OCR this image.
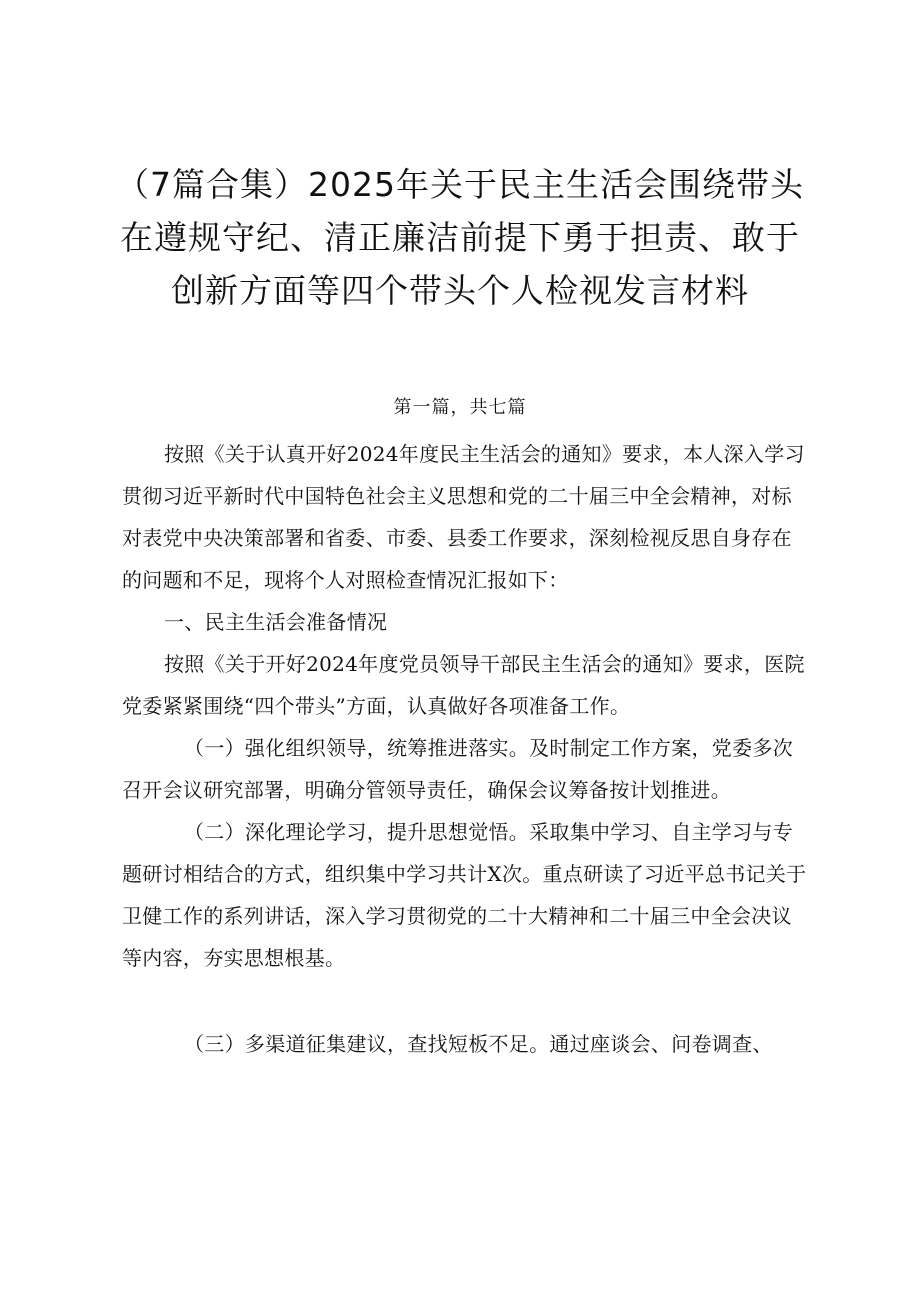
（7篇合集）2025年关于民主生活会围绕带头
在遵规守纪、清正廉洁前提下勇于担责、敢于
创新方面等四个带头个人检视发言材料

第一篇，共七篇

按照《关于认真开好2024年度民主生活会的通知》要求，本人深入学习贯彻习近平新时代中国特色社会主义思想和党的二十届三中全会精神，对标对表党中央决策部署和省委、市委、县委工作要求，深刻检视反思自身存在的问题和不足，现将个人对照检查情况汇报如下：

一、民主生活会准备情况

按照《关于开好2024年度党员领导干部民主生活会的通知》要求，医院党委紧紧围绕“四个带头”方面，认真做好各项准备工作。

（一）强化组织领导，统筹推进落实。及时制定工作方案，党委多次召开会议研究部署，明确分管领导责任，确保会议筹备按计划推进。

（二）深化理论学习，提升思想觉悟。采取集中学习、自主学习与专题研讨相结合的方式，组织集中学习共计X次。重点研读了习近平总书记关于卫健工作的系列讲话，深入学习贯彻党的二十大精神和二十届三中全会决议等内容，夯实思想根基。

（三）多渠道征集建议，查找短板不足。通过座谈会、问卷调查、
